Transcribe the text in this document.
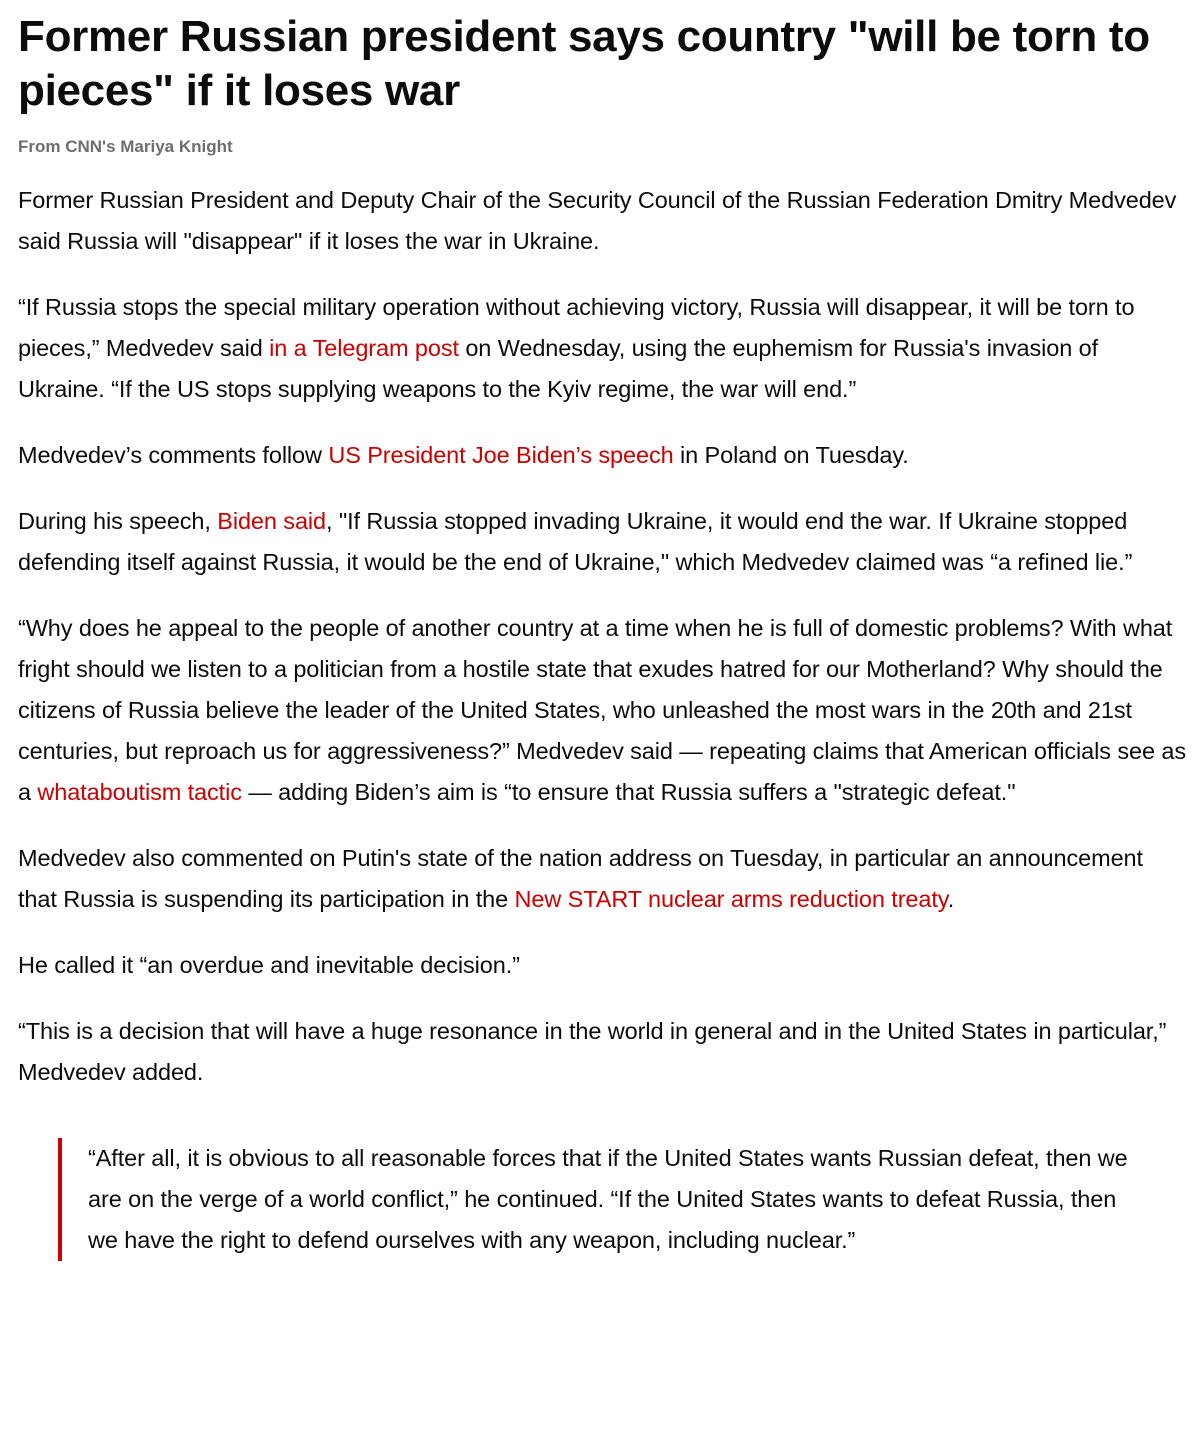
Former Russian president says country "will be torn to pieces" if it loses war
From CNN's Mariya Knight

Former Russian President and Deputy Chair of the Security Council of the Russian Federation Dmitry Medvedev said Russia will "disappear" if it loses the war in Ukraine.

“If Russia stops the special military operation without achieving victory, Russia will disappear, it will be torn to pieces,” Medvedev said in a Telegram post on Wednesday, using the euphemism for Russia's invasion of Ukraine. “If the US stops supplying weapons to the Kyiv regime, the war will end.”

Medvedev’s comments follow US President Joe Biden’s speech in Poland on Tuesday.

During his speech, Biden said, "If Russia stopped invading Ukraine, it would end the war. If Ukraine stopped defending itself against Russia, it would be the end of Ukraine," which Medvedev claimed was “a refined lie.”

“Why does he appeal to the people of another country at a time when he is full of domestic problems? With what fright should we listen to a politician from a hostile state that exudes hatred for our Motherland? Why should the citizens of Russia believe the leader of the United States, who unleashed the most wars in the 20th and 21st centuries, but reproach us for aggressiveness?” Medvedev said — repeating claims that American officials see as a whataboutism tactic — adding Biden’s aim is “to ensure that Russia suffers a "strategic defeat."

Medvedev also commented on Putin's state of the nation address on Tuesday, in particular an announcement that Russia is suspending its participation in the New START nuclear arms reduction treaty.

He called it “an overdue and inevitable decision.”

“This is a decision that will have a huge resonance in the world in general and in the United States in particular,” Medvedev added.

“After all, it is obvious to all reasonable forces that if the United States wants Russian defeat, then we are on the verge of a world conflict,” he continued. “If the United States wants to defeat Russia, then we have the right to defend ourselves with any weapon, including nuclear.”
